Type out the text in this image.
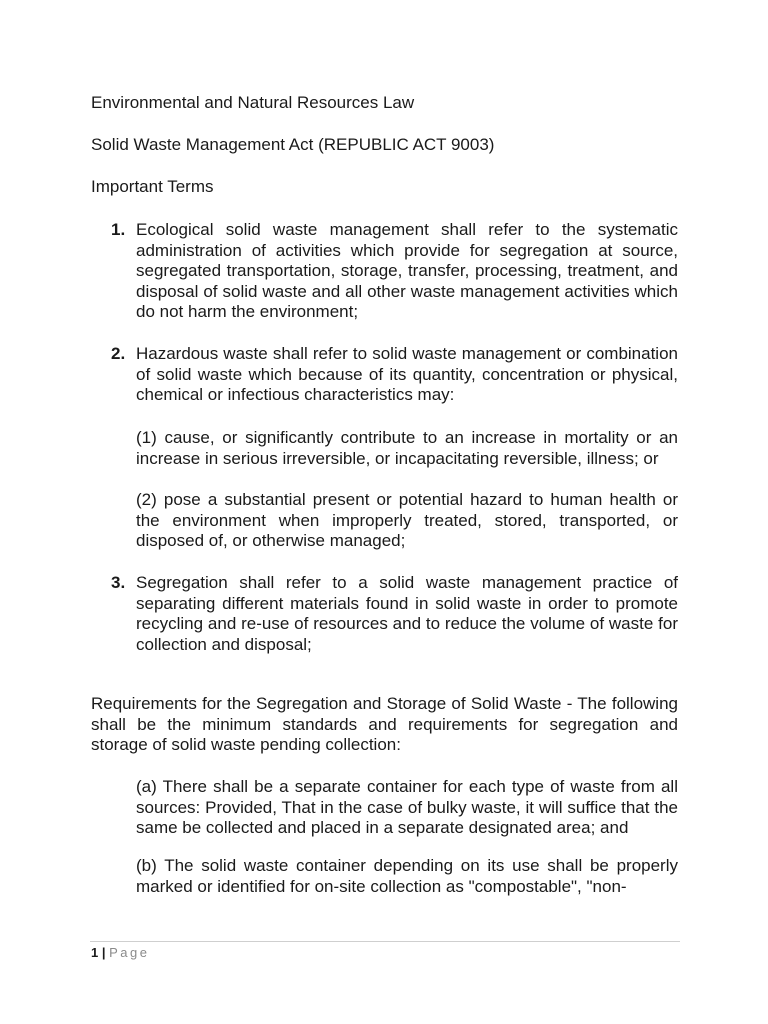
Environmental and Natural Resources Law
Solid Waste Management Act (REPUBLIC ACT 9003)
Important Terms
1. Ecological solid waste management shall refer to the systematic administration of activities which provide for segregation at source, segregated transportation, storage, transfer, processing, treatment, and disposal of solid waste and all other waste management activities which do not harm the environment;
2. Hazardous waste shall refer to solid waste management or combination of solid waste which because of its quantity, concentration or physical, chemical or infectious characteristics may:
(1) cause, or significantly contribute to an increase in mortality or an increase in serious irreversible, or incapacitating reversible, illness; or
(2) pose a substantial present or potential hazard to human health or the environment when improperly treated, stored, transported, or disposed of, or otherwise managed;
3. Segregation shall refer to a solid waste management practice of separating different materials found in solid waste in order to promote recycling and re-use of resources and to reduce the volume of waste for collection and disposal;
Requirements for the Segregation and Storage of Solid Waste - The following shall be the minimum standards and requirements for segregation and storage of solid waste pending collection:
(a) There shall be a separate container for each type of waste from all sources: Provided, That in the case of bulky waste, it will suffice that the same be collected and placed in a separate designated area; and
(b) The solid waste container depending on its use shall be properly marked or identified for on-site collection as "compostable", "non-
1 | Page
